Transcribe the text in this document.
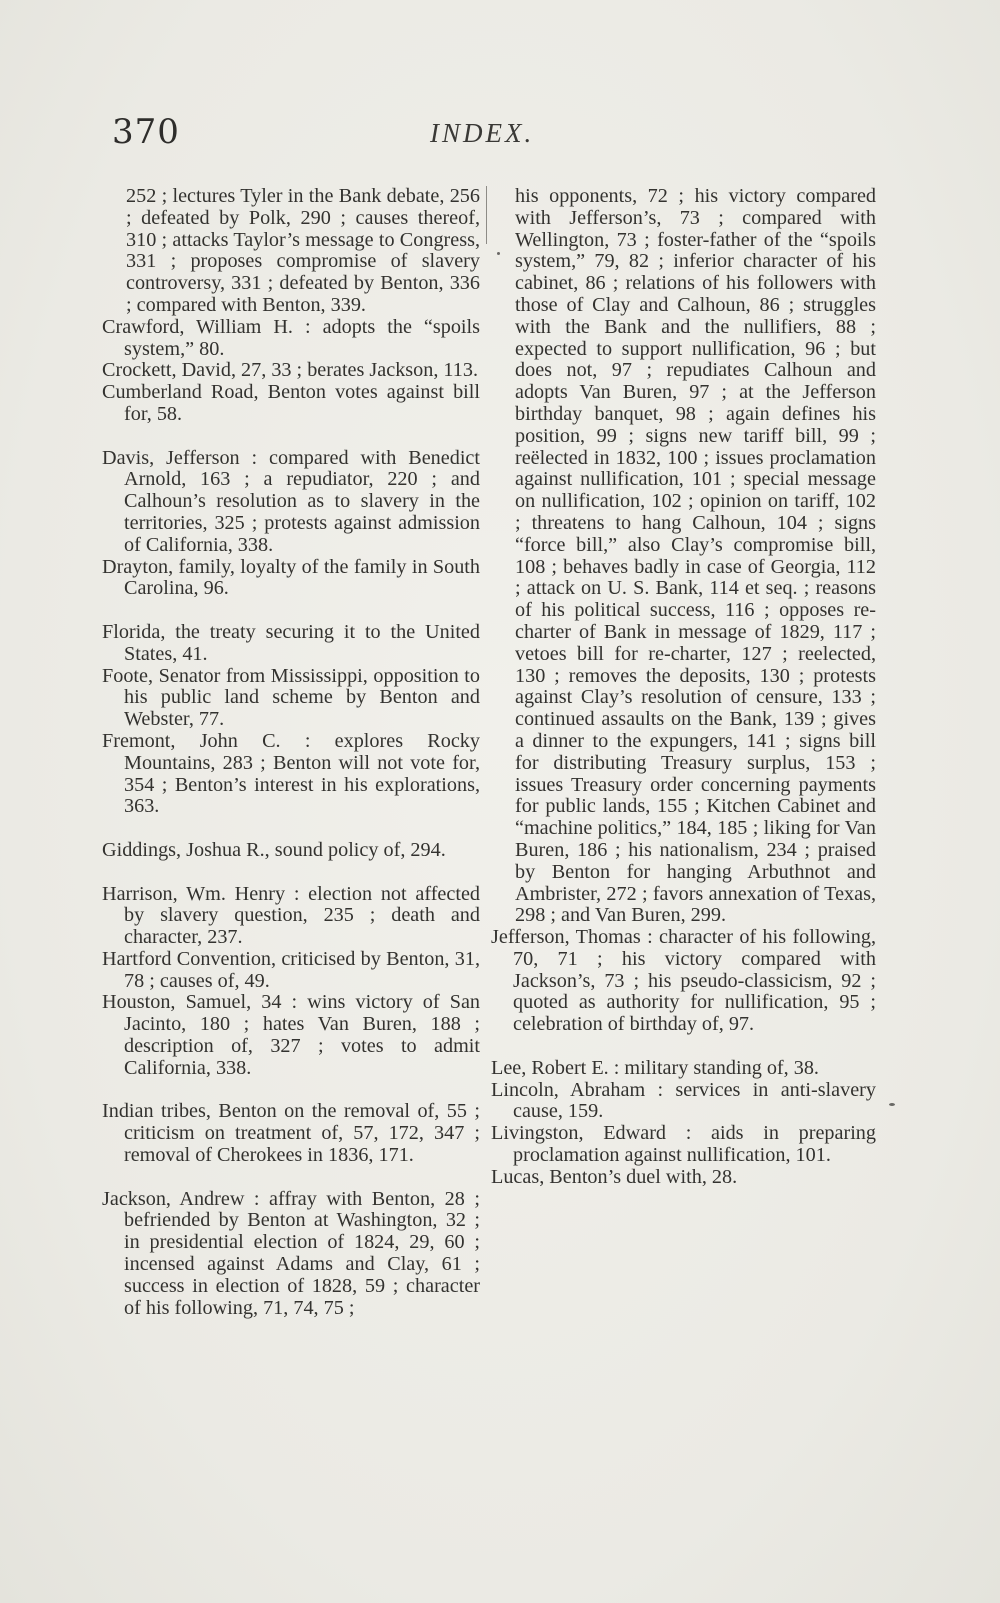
370	INDEX.

252 ; lectures Tyler in the Bank debate, 256 ; defeated by Polk, 290 ; causes thereof, 310 ; attacks Taylor’s message to Congress, 331 ; proposes compromise of slavery controversy, 331 ; defeated by Benton, 336 ; compared with Benton, 339.

Crawford, William H. : adopts the “spoils system,” 80.

Crockett, David, 27, 33 ; berates Jackson, 113.

Cumberland Road, Benton votes against bill for, 58.

Davis, Jefferson : compared with Benedict Arnold, 163 ; a repudiator, 220 ; and Calhoun’s resolution as to slavery in the territories, 325 ; protests against admission of California, 338.

Drayton, family, loyalty of the family in South Carolina, 96.

Florida, the treaty securing it to the United States, 41.

Foote, Senator from Mississippi, opposition to his public land scheme by Benton and Webster, 77.

Fremont, John C. : explores Rocky Mountains, 283 ; Benton will not vote for, 354 ; Benton’s interest in his explorations, 363.

Giddings, Joshua R., sound policy of, 294.

Harrison, Wm. Henry : election not affected by slavery question, 235 ; death and character, 237.

Hartford Convention, criticised by Benton, 31, 78 ; causes of, 49.

Houston, Samuel, 34 : wins victory of San Jacinto, 180 ; hates Van Buren, 188 ; description of, 327 ; votes to admit California, 338.

Indian tribes, Benton on the removal of, 55 ; criticism on treatment of, 57, 172, 347 ; removal of Cherokees in 1836, 171.

Jackson, Andrew : affray with Benton, 28 ; befriended by Benton at Washington, 32 ; in presidential election of 1824, 29, 60 ; incensed against Adams and Clay, 61 ; success in election of 1828, 59 ; character of his following, 71, 74, 75 ;

his opponents, 72 ; his victory compared with Jefferson’s, 73 ; compared with Wellington, 73 ; foster-father of the “spoils system,” 79, 82 ; inferior character of his cabinet, 86 ; relations of his followers with those of Clay and Calhoun, 86 ; struggles with the Bank and the nullifiers, 88 ; expected to support nullification, 96 ; but does not, 97 ; repudiates Calhoun and adopts Van Buren, 97 ; at the Jefferson birthday banquet, 98 ; again defines his position, 99 ; signs new tariff bill, 99 ; reëlected in 1832, 100 ; issues proclamation against nullification, 101 ; special message on nullification, 102 ; opinion on tariff, 102 ; threatens to hang Calhoun, 104 ; signs “force bill,” also Clay’s compromise bill, 108 ; behaves badly in case of Georgia, 112 ; attack on U. S. Bank, 114 et seq. ; reasons of his political success, 116 ; opposes re-charter of Bank in message of 1829, 117 ; vetoes bill for re-charter, 127 ; reelected, 130 ; removes the deposits, 130 ; protests against Clay’s resolution of censure, 133 ; continued assaults on the Bank, 139 ; gives a dinner to the expungers, 141 ; signs bill for distributing Treasury surplus, 153 ; issues Treasury order concerning payments for public lands, 155 ; Kitchen Cabinet and “machine politics,” 184, 185 ; liking for Van Buren, 186 ; his nationalism, 234 ; praised by Benton for hanging Arbuthnot and Ambrister, 272 ; favors annexation of Texas, 298 ; and Van Buren, 299.

Jefferson, Thomas : character of his following, 70, 71 ; his victory compared with Jackson’s, 73 ; his pseudo-classicism, 92 ; quoted as authority for nullification, 95 ; celebration of birthday of, 97.

Lee, Robert E. : military standing of, 38.

Lincoln, Abraham : services in anti-slavery cause, 159.

Livingston, Edward : aids in preparing proclamation against nullification, 101.

Lucas, Benton’s duel with, 28.
